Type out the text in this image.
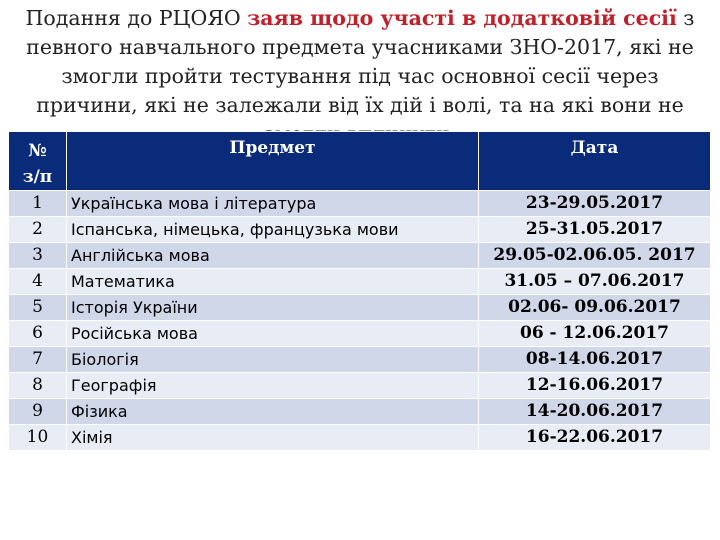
Подання до РЦОЯО заяв щодо участі в додатковій сесії з певного навчального предмета учасниками ЗНО-2017, які не змогли пройти тестування під час основної сесії через причини, які не залежали від їх дій і волі, та на які вони не
№
з/п	Предмет	Дата
1	Українська мова і література	23-29.05.2017
2	Іспанська, німецька, французька мови	25-31.05.2017
3	Англійська мова	29.05-02.06.05. 2017
4	Математика	31.05 – 07.06.2017
5	Історія України	02.06- 09.06.2017
6	Російська мова	06 - 12.06.2017
7	Біологія	08-14.06.2017
8	Географія	12-16.06.2017
9	Фізика	14-20.06.2017
10	Хімія	16-22.06.2017
